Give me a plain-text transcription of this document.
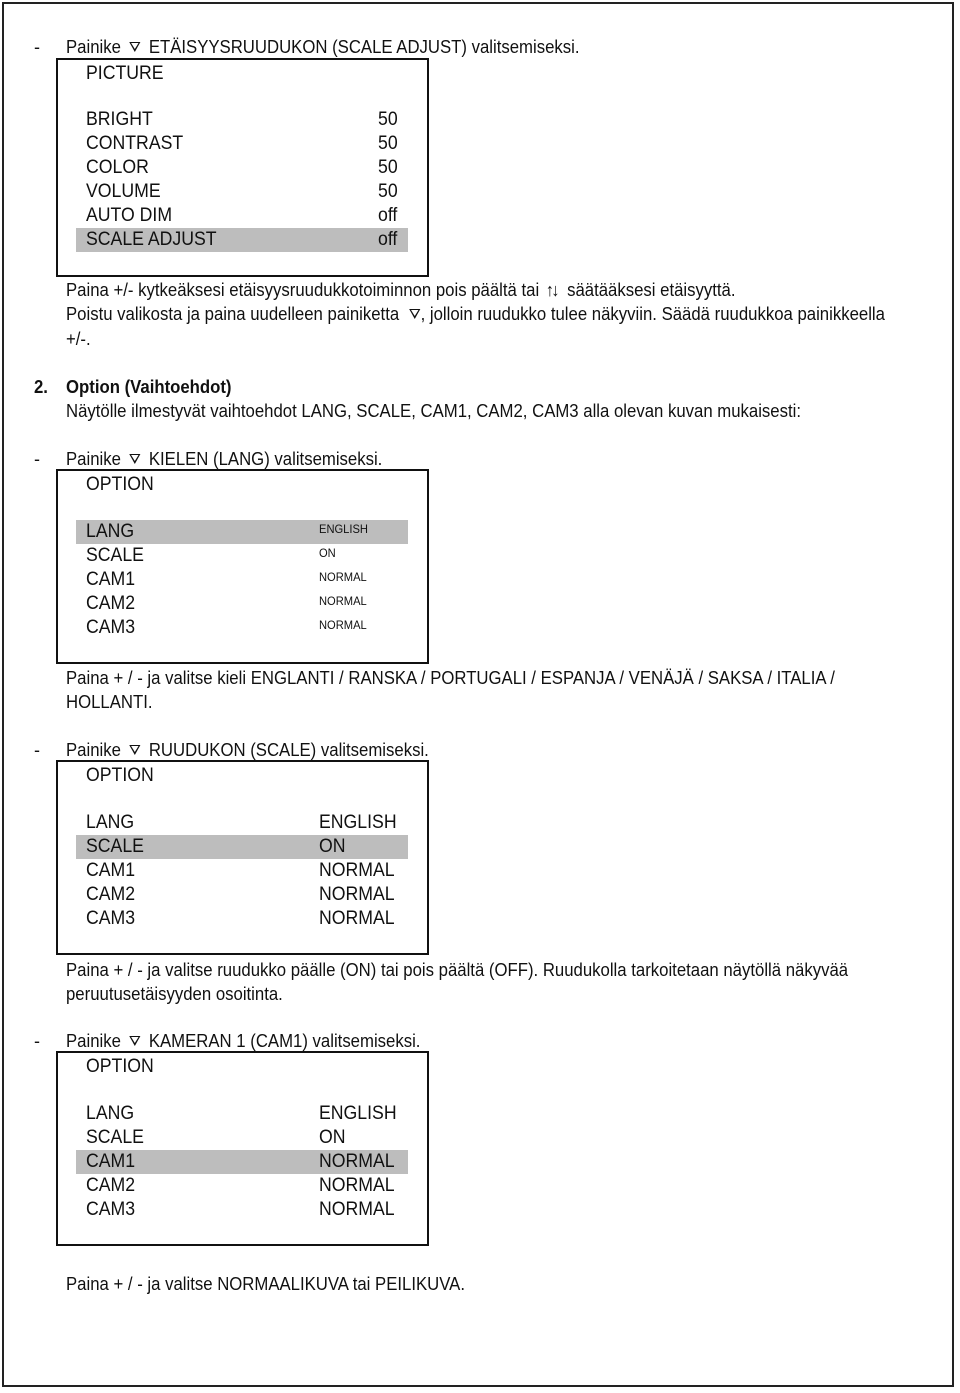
- Painike ETÄISYYSRUUDUKON (SCALE ADJUST) valitsemiseksi.
PICTURE
BRIGHT	50
CONTRAST	50
COLOR	50
VOLUME	50
AUTO DIM	off
SCALE ADJUST	off
Paina +/- kytkeäksesi etäisyysruudukkotoiminnon pois päältä tai ↑↓ säätääksesi etäisyyttä.
Poistu valikosta ja paina uudelleen painiketta , jolloin ruudukko tulee näkyviin. Säädä ruudukkoa painikkeella
+/-.
2. Option (Vaihtoehdot)
Näytölle ilmestyvät vaihtoehdot LANG, SCALE, CAM1, CAM2, CAM3 alla olevan kuvan mukaisesti:
- Painike KIELEN (LANG) valitsemiseksi.
OPTION
LANG	ENGLISH
SCALE	ON
CAM1	NORMAL
CAM2	NORMAL
CAM3	NORMAL
Paina + / - ja valitse kieli ENGLANTI / RANSKA / PORTUGALI / ESPANJA / VENÄJÄ / SAKSA / ITALIA /
HOLLANTI.
- Painike RUUDUKON (SCALE) valitsemiseksi.
OPTION
LANG	ENGLISH
SCALE	ON
CAM1	NORMAL
CAM2	NORMAL
CAM3	NORMAL
Paina + / - ja valitse ruudukko päälle (ON) tai pois päältä (OFF). Ruudukolla tarkoitetaan näytöllä näkyvää
peruutusetäisyyden osoitinta.
- Painike KAMERAN 1 (CAM1) valitsemiseksi.
OPTION
LANG	ENGLISH
SCALE	ON
CAM1	NORMAL
CAM2	NORMAL
CAM3	NORMAL
Paina + / - ja valitse NORMAALIKUVA tai PEILIKUVA.
